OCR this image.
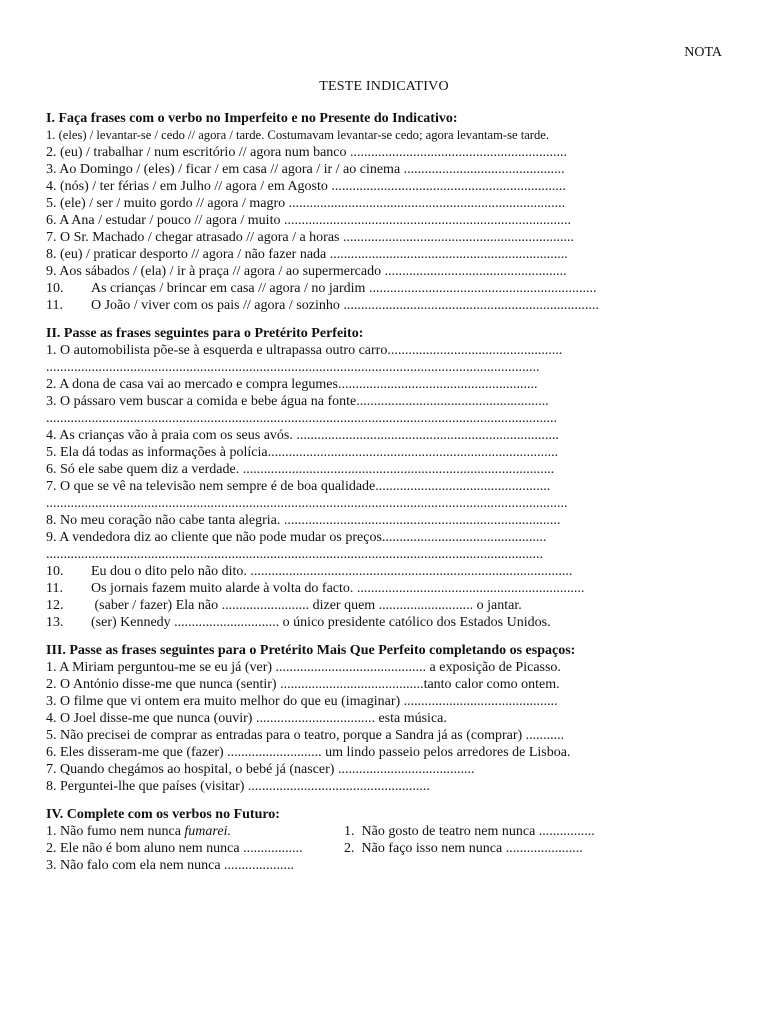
NOTA
TESTE INDICATIVO

I. Faça frases com o verbo no Imperfeito e no Presente do Indicativo:

1. (eles) / levantar-se / cedo // agora / tarde. Costumavam levantar-se cedo; agora levantam-se tarde.

2. (eu) / trabalhar / num escritório // agora num banco ..............................................................

3. Ao Domingo / (eles) / ficar / em casa // agora / ir / ao cinema ..............................................

4. (nós) / ter férias / em Julho // agora / em Agosto ...................................................................

5. (ele) / ser / muito gordo // agora / magro ...............................................................................

6. A Ana / estudar / pouco // agora / muito ..................................................................................

7. O Sr. Machado / chegar atrasado // agora / a horas ..................................................................

8. (eu) / praticar desporto // agora / não fazer nada ....................................................................

9. Aos sábados / (ela) / ir à praça // agora / ao supermercado ....................................................

10. As crianças / brincar em casa // agora / no jardim .................................................................

11. O João / viver com os pais // agora / sozinho .........................................................................

II. Passe as frases seguintes para o Pretérito Perfeito:

1. O automobilista põe-se à esquerda e ultrapassa outro carro..................................................

.............................................................................................................................................

2. A dona de casa vai ao mercado e compra legumes.........................................................

3. O pássaro vem buscar a comida e bebe água na fonte.......................................................

..................................................................................................................................................

4. As crianças vão à praia com os seus avós. ...........................................................................

5. Ela dá todas as informações à polícia...................................................................................

6. Só ele sabe quem diz a verdade. .........................................................................................

7. O que se vê na televisão nem sempre é de boa qualidade..................................................

.....................................................................................................................................................

8. No meu coração não cabe tanta alegria. ...............................................................................

9. A vendedora diz ao cliente que não pode mudar os preços...............................................

..............................................................................................................................................

10. Eu dou o dito pelo não dito. ............................................................................................

11. Os jornais fazem muito alarde à volta do facto. .................................................................

12. (saber / fazer) Ela não ......................... dizer quem ........................... o jantar.

13. (ser) Kennedy .............................. o único presidente católico dos Estados Unidos.

III. Passe as frases seguintes para o Pretérito Mais Que Perfeito completando os espaços:

1. A Miriam perguntou-me se eu já (ver) ........................................... a exposição de Picasso.

2. O António disse-me que nunca (sentir) .........................................tanto calor como ontem.

3. O filme que vi ontem era muito melhor do que eu (imaginar) ............................................

4. O Joel disse-me que nunca (ouvir) .................................. esta música.

5. Não precisei de comprar as entradas para o teatro, porque a Sandra já as (comprar) ...........

6. Eles disseram-me que (fazer) ........................... um lindo passeio pelos arredores de Lisboa.

7. Quando chegámos ao hospital, o bebé já (nascer) .......................................

8. Perguntei-lhe que países (visitar) ....................................................

IV. Complete com os verbos no Futuro:

1. Não fumo nem nunca fumarei.	1. Não gosto de teatro nem nunca ................
2. Ele não é bom aluno nem nunca .................	2. Não faço isso nem nunca ......................
3. Não falo com ela nem nunca ....................
